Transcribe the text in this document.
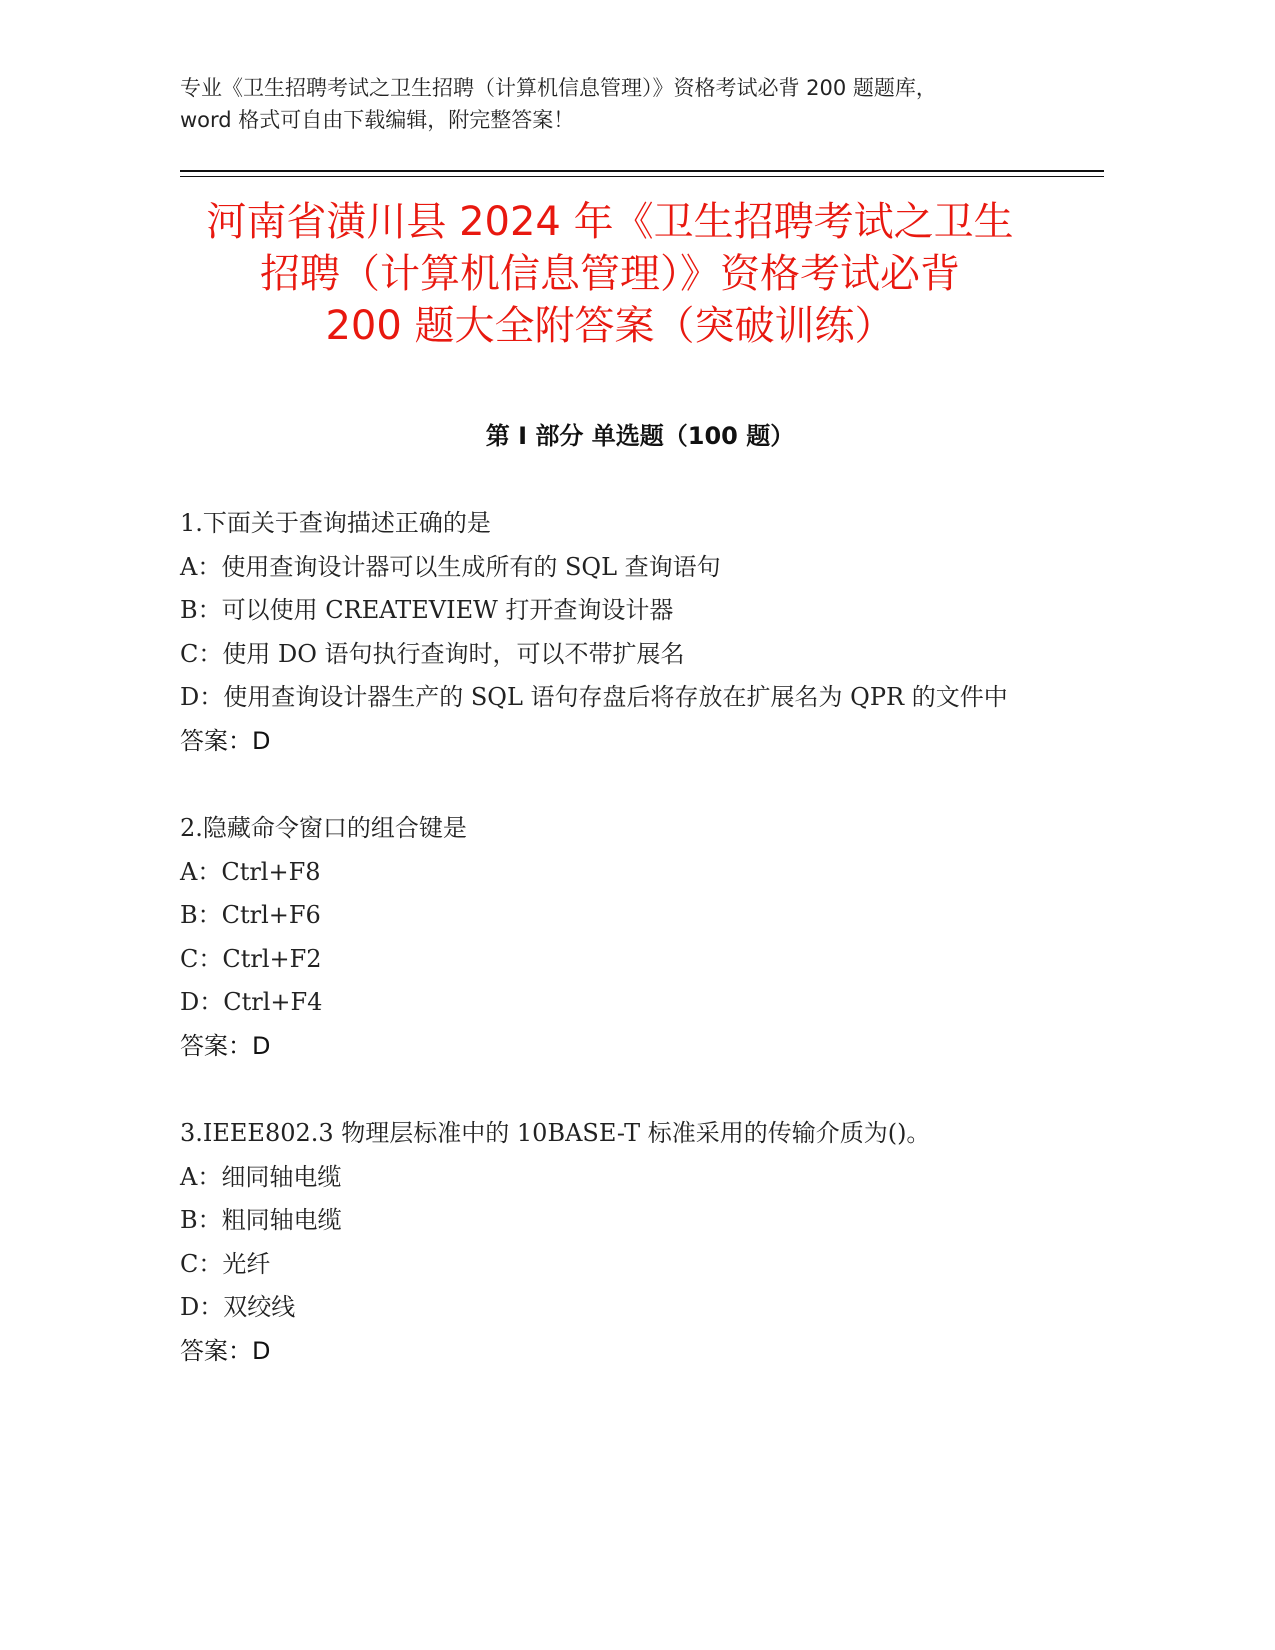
专业《卫生招聘考试之卫生招聘（计算机信息管理）》资格考试必背 200 题题库，

word 格式可自由下载编辑，附完整答案！

河南省潢川县 2024 年《卫生招聘考试之卫生
招聘（计算机信息管理）》资格考试必背
200 题大全附答案（突破训练）
第 I 部分 单选题（100 题）

1.下面关于查询描述正确的是

A：使用查询设计器可以生成所有的 SQL 查询语句

B：可以使用 CREATEVIEW 打开查询设计器

C：使用 DO 语句执行查询时，可以不带扩展名

D：使用查询设计器生产的 SQL 语句存盘后将存放在扩展名为 QPR 的文件中

答案：D

2.隐藏命令窗口的组合键是

A：Ctrl+F8

B：Ctrl+F6

C：Ctrl+F2

D：Ctrl+F4

答案：D

3.IEEE802.3 物理层标准中的 10BASE-T 标准采用的传输介质为()。

A：细同轴电缆

B：粗同轴电缆

C：光纤

D：双绞线

答案：D
